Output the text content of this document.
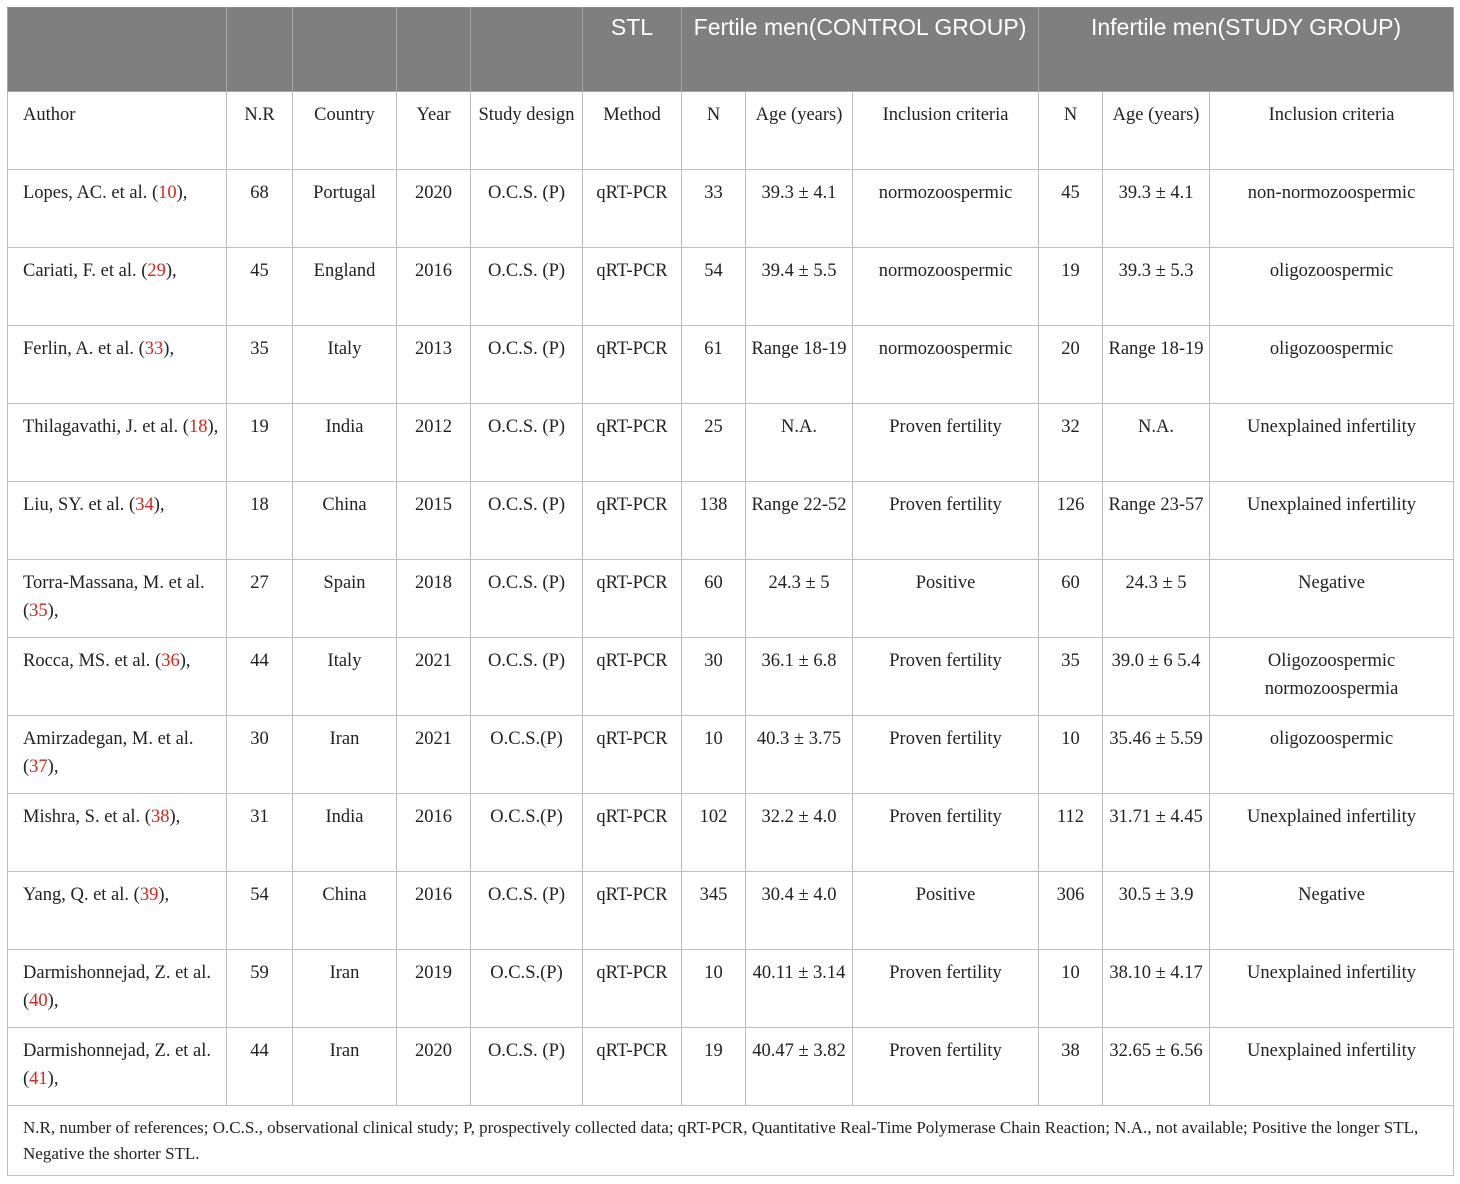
					STL	Fertile men(CONTROL GROUP)			Infertile men(STUDY GROUP)		
Author	N.R	Country	Year	Study design	Method	N	Age (years)	Inclusion criteria	N	Age (years)	Inclusion criteria
Lopes, AC. et al. (10),	68	Portugal	2020	O.C.S. (P)	qRT-PCR	33	39.3 ± 4.1	normozoospermic	45	39.3 ± 4.1	non-normozoospermic
Cariati, F. et al. (29),	45	England	2016	O.C.S. (P)	qRT-PCR	54	39.4 ± 5.5	normozoospermic	19	39.3 ± 5.3	oligozoospermic
Ferlin, A. et al. (33),	35	Italy	2013	O.C.S. (P)	qRT-PCR	61	Range 18-19	normozoospermic	20	Range 18-19	oligozoospermic
Thilagavathi, J. et al. (18),	19	India	2012	O.C.S. (P)	qRT-PCR	25	N.A.	Proven fertility	32	N.A.	Unexplained infertility
Liu, SY. et al. (34),	18	China	2015	O.C.S. (P)	qRT-PCR	138	Range 22-52	Proven fertility	126	Range 23-57	Unexplained infertility
Torra-Massana, M. et al. (35),	27	Spain	2018	O.C.S. (P)	qRT-PCR	60	24.3 ± 5	Positive	60	24.3 ± 5	Negative
Rocca, MS. et al. (36),	44	Italy	2021	O.C.S. (P)	qRT-PCR	30	36.1 ± 6.8	Proven fertility	35	39.0 ± 6 5.4	Oligozoospermic normozoospermia
Amirzadegan, M. et al. (37),	30	Iran	2021	O.C.S.(P)	qRT-PCR	10	40.3 ± 3.75	Proven fertility	10	35.46 ± 5.59	oligozoospermic
Mishra, S. et al. (38),	31	India	2016	O.C.S.(P)	qRT-PCR	102	32.2 ± 4.0	Proven fertility	112	31.71 ± 4.45	Unexplained infertility
Yang, Q. et al. (39),	54	China	2016	O.C.S. (P)	qRT-PCR	345	30.4 ± 4.0	Positive	306	30.5 ± 3.9	Negative
Darmishonnejad, Z. et al. (40),	59	Iran	2019	O.C.S.(P)	qRT-PCR	10	40.11 ± 3.14	Proven fertility	10	38.10 ± 4.17	Unexplained infertility
Darmishonnejad, Z. et al. (41),	44	Iran	2020	O.C.S. (P)	qRT-PCR	19	40.47 ± 3.82	Proven fertility	38	32.65 ± 6.56	Unexplained infertility
N.R, number of references; O.C.S., observational clinical study; P, prospectively collected data; qRT-PCR, Quantitative Real-Time Polymerase Chain Reaction; N.A., not available; Positive the longer STL, Negative the shorter STL.											
